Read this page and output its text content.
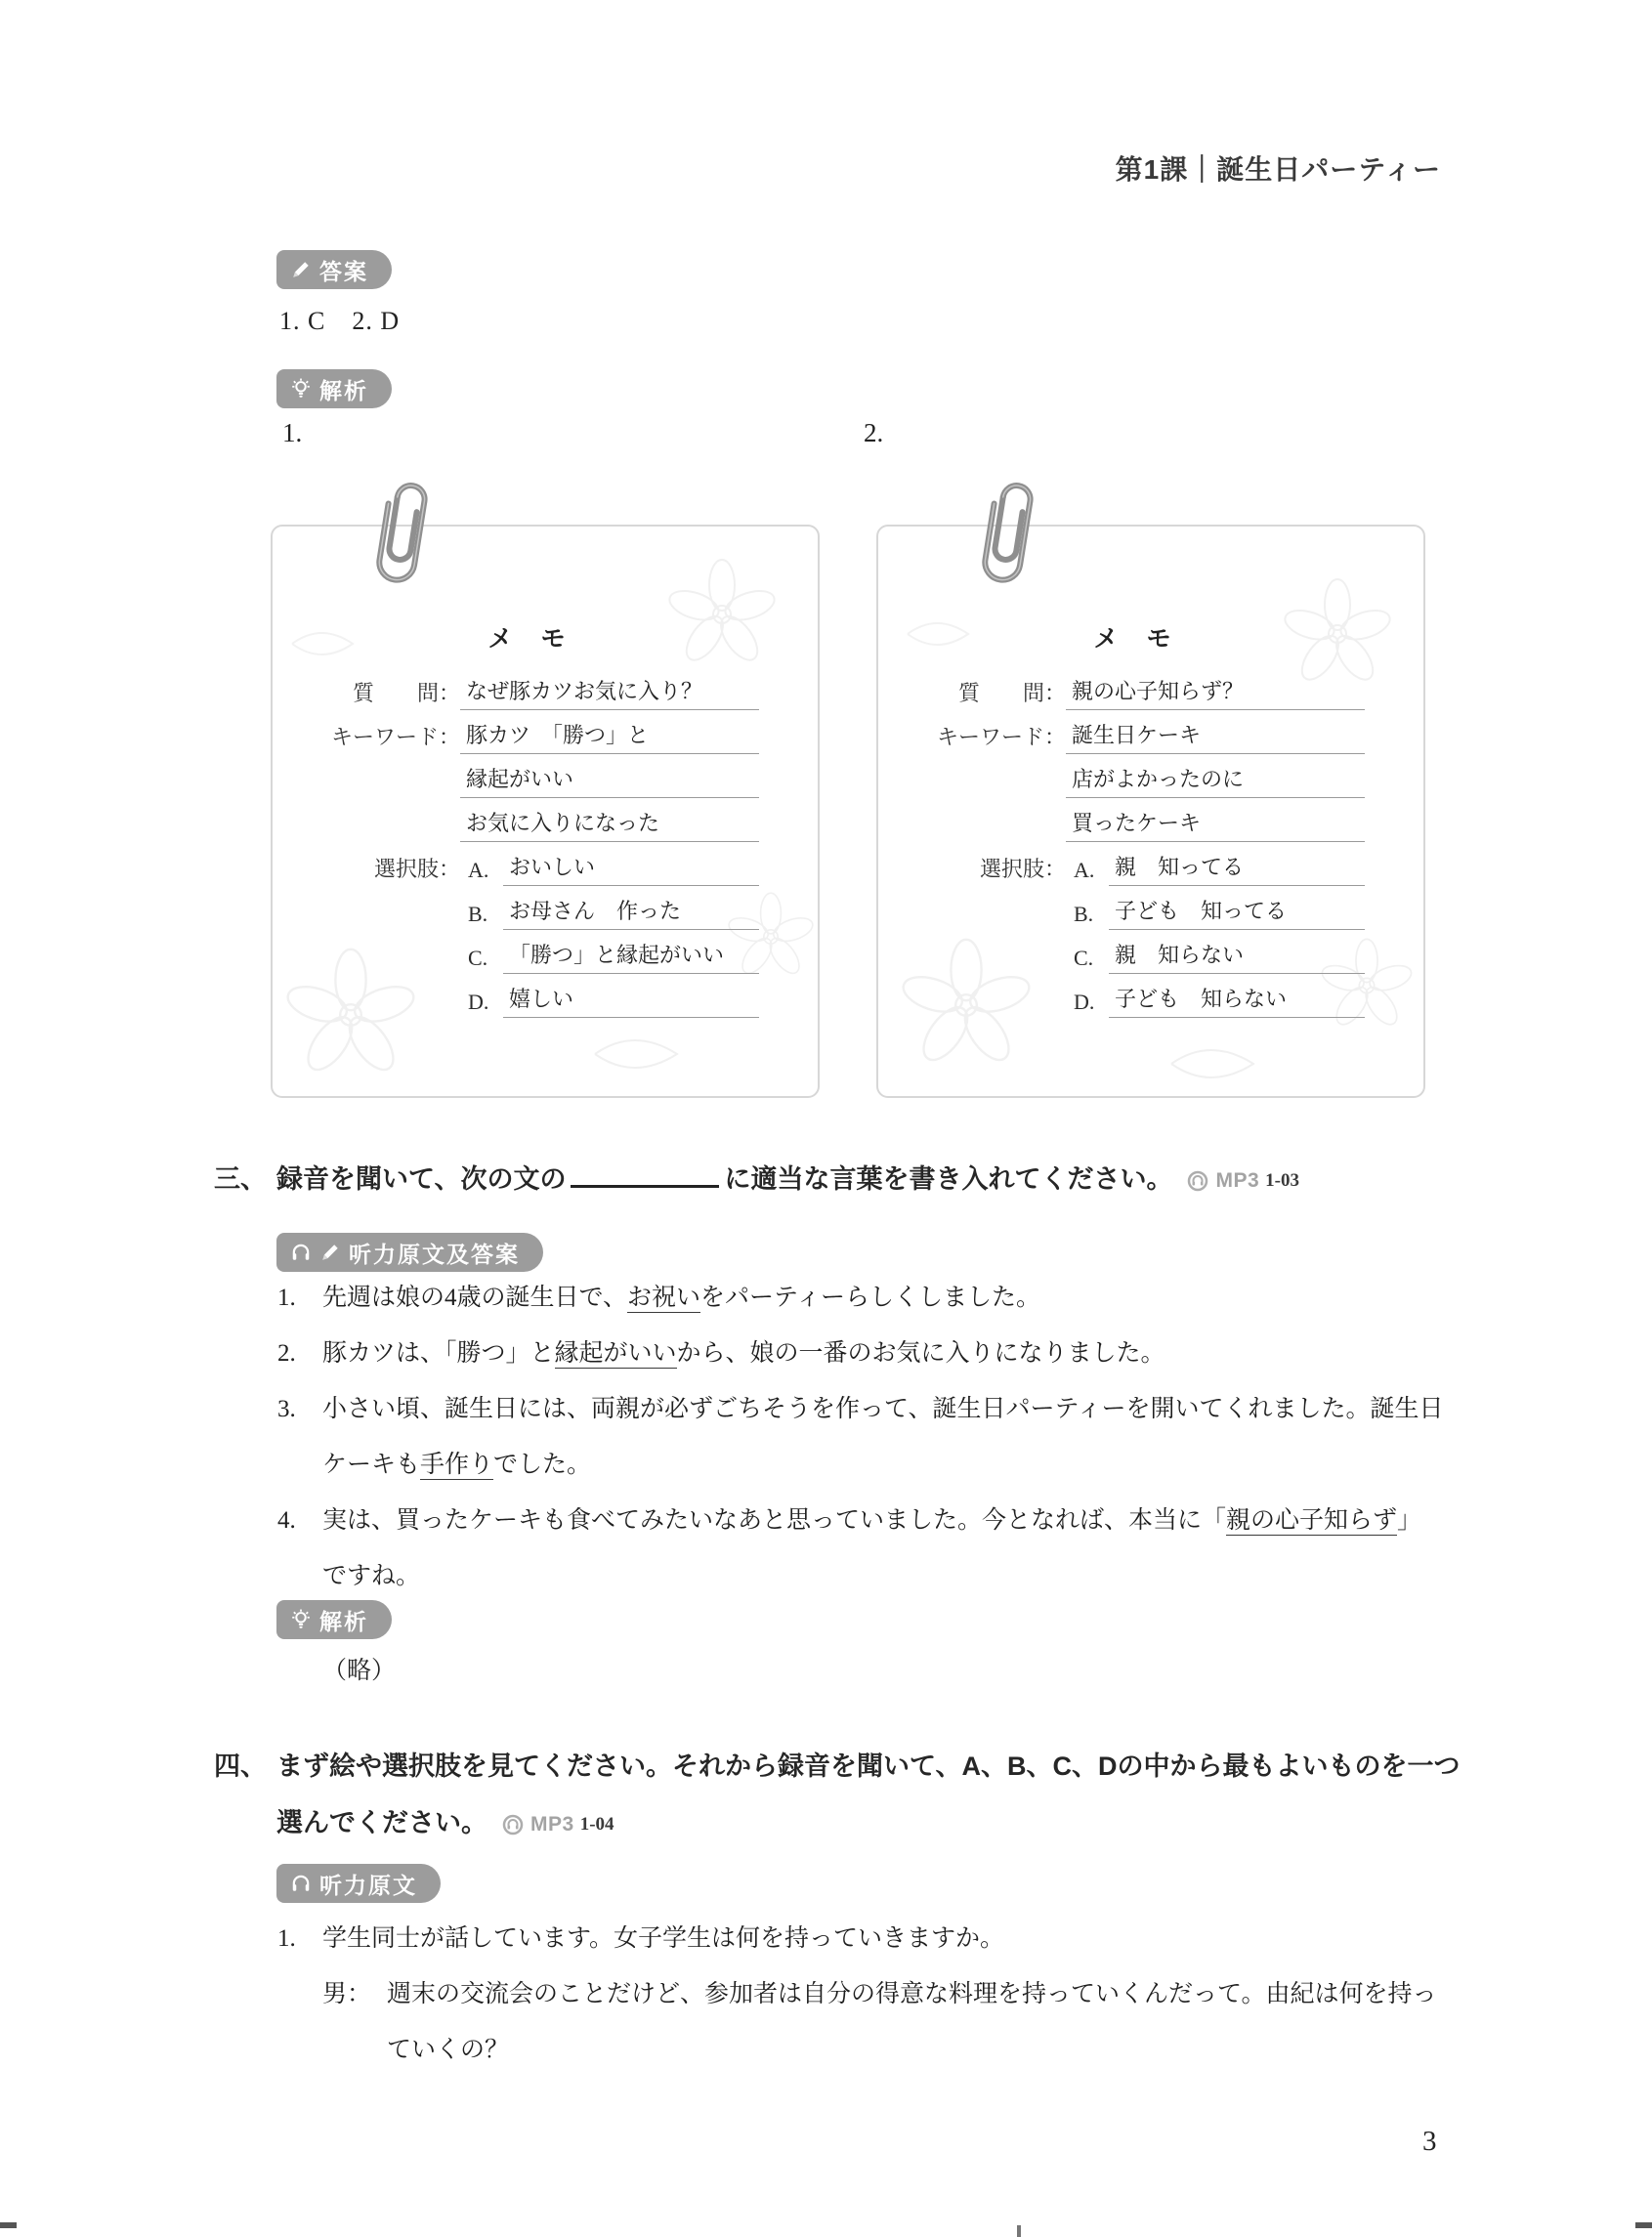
第1課｜誕生日パーティー
答案
1. C　2. D
解析
1.	2.
メ　モ
質　　問： なぜ豚カツお気に入り？
キーワード： 豚カツ　「勝つ」と
縁起がいい
お気に入りになった
選択肢： A. おいしい
B. お母さん　作った
C. 「勝つ」と縁起がいい
D. 嬉しい
メ　モ
質　　問： 親の心子知らず？
キーワード： 誕生日ケーキ
店がよかったのに
買ったケーキ
選択肢： A. 親　知ってる
B. 子ども　知ってる
C. 親　知らない
D. 子ども　知らない
三、 録音を聞いて、次の文の	に適当な言葉を書き入れてください。 MP3 1-03
听力原文及答案
1.	先週は娘の4歳の誕生日で、お祝いをパーティーらしくしました。
2.	豚カツは、「勝つ」と縁起がいいから、娘の一番のお気に入りになりました。
3.	小さい頃、誕生日には、両親が必ずごちそうを作って、誕生日パーティーを開いてくれました。誕生日ケーキも手作りでした。
4.	実は、買ったケーキも食べてみたいなあと思っていました。今となれば、本当に「親の心子知らず」ですね。
解析
（略）
四、 まず絵や選択肢を見てください。それから録音を聞いて、A、B、C、Dの中から最もよいものを一つ選んでください。 MP3 1-04
听力原文
1.	学生同士が話しています。女子学生は何を持っていきますか。
男： 週末の交流会のことだけど、参加者は自分の得意な料理を持っていくんだって。由紀は何を持っていくの？
3
